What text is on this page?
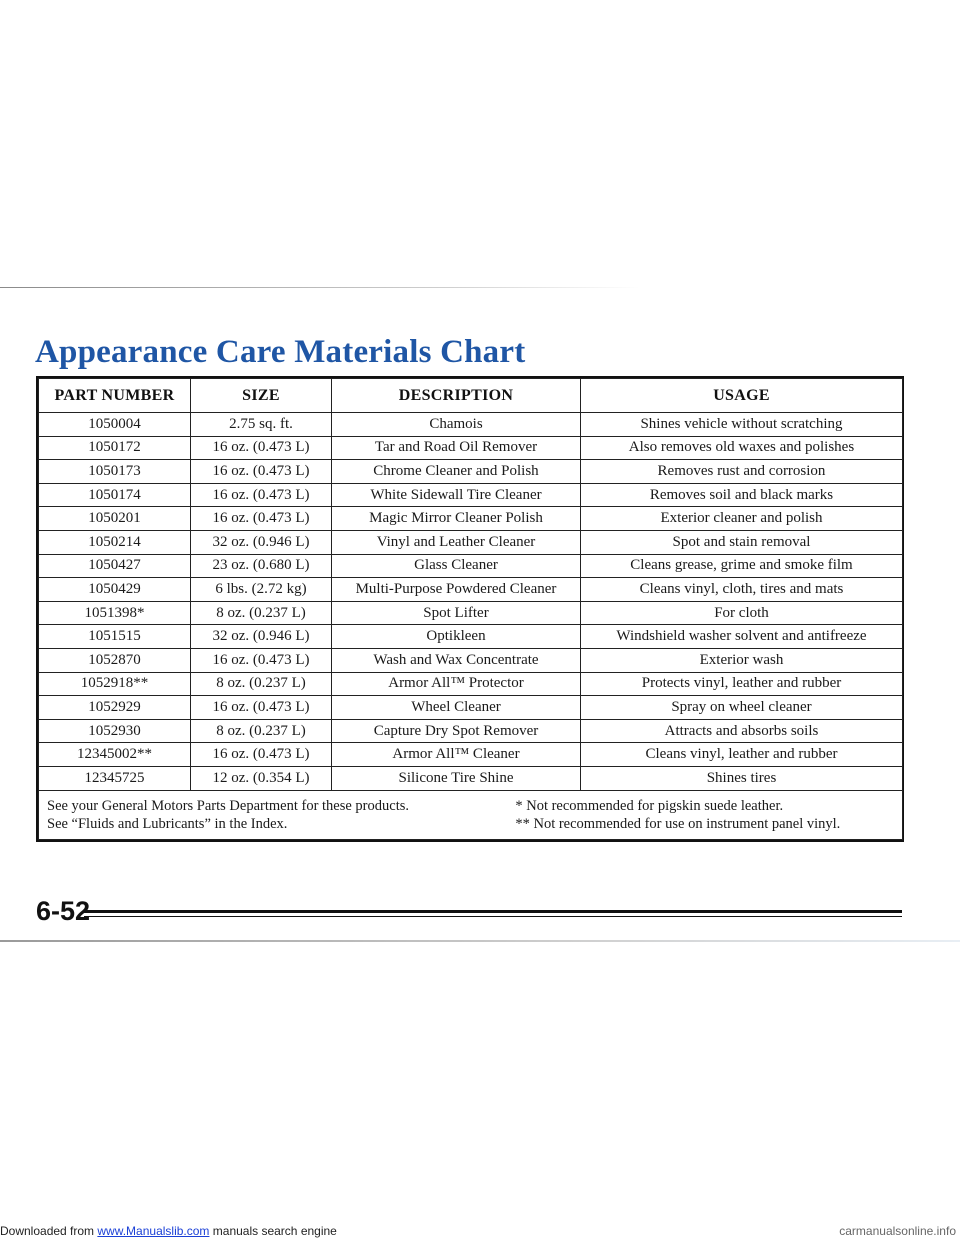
Appearance Care Materials Chart
PART NUMBER	SIZE	DESCRIPTION	USAGE
1050004	2.75 sq. ft.	Chamois	Shines vehicle without scratching
1050172	16 oz. (0.473 L)	Tar and Road Oil Remover	Also removes old waxes and polishes
1050173	16 oz. (0.473 L)	Chrome Cleaner and Polish	Removes rust and corrosion
1050174	16 oz. (0.473 L)	White Sidewall Tire Cleaner	Removes soil and black marks
1050201	16 oz. (0.473 L)	Magic Mirror Cleaner Polish	Exterior cleaner and polish
1050214	32 oz. (0.946 L)	Vinyl and Leather Cleaner	Spot and stain removal
1050427	23 oz. (0.680 L)	Glass Cleaner	Cleans grease, grime and smoke film
1050429	6 lbs. (2.72 kg)	Multi-Purpose Powdered Cleaner	Cleans vinyl, cloth, tires and mats
1051398*	8 oz. (0.237 L)	Spot Lifter	For cloth
1051515	32 oz. (0.946 L)	Optikleen	Windshield washer solvent and antifreeze
1052870	16 oz. (0.473 L)	Wash and Wax Concentrate	Exterior wash
1052918**	8 oz. (0.237 L)	Armor All™ Protector	Protects vinyl, leather and rubber
1052929	16 oz. (0.473 L)	Wheel Cleaner	Spray on wheel cleaner
1052930	8 oz. (0.237 L)	Capture Dry Spot Remover	Attracts and absorbs soils
12345002**	16 oz. (0.473 L)	Armor All™ Cleaner	Cleans vinyl, leather and rubber
12345725	12 oz. (0.354 L)	Silicone Tire Shine	Shines tires

See your General Motors Parts Department for these products.
See “Fluids and Lubricants” in the Index.
* Not recommended for pigskin suede leather.
** Not recommended for use on instrument panel vinyl.			
6-52
Downloaded from www.Manualslib.com manuals search engine	carmanualsonline.info
